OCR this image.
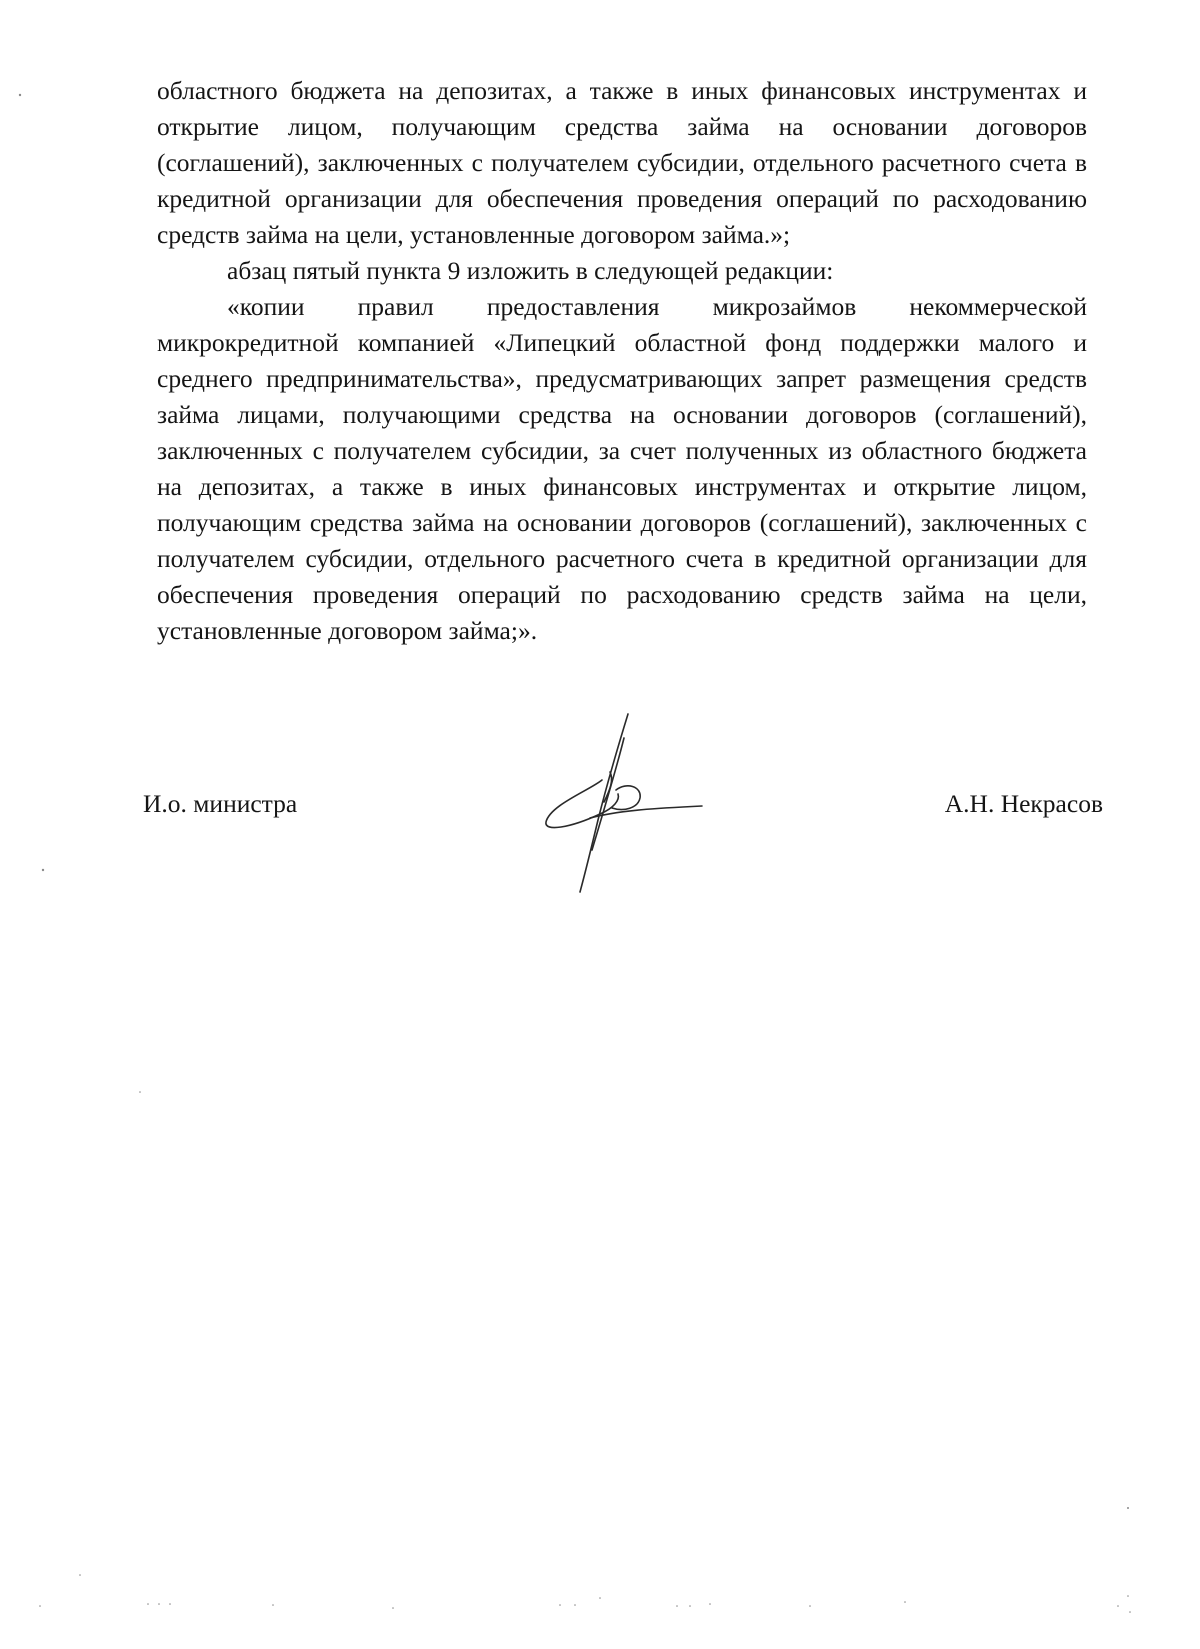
областного бюджета на депозитах, а также в иных финансовых инструментах и открытие лицом, получающим средства займа на основании договоров (соглашений), заключенных с получателем субсидии, отдельного расчетного счета в кредитной организации для обеспечения проведения операций по расходованию средств займа на цели, установленные договором займа.»;

абзац пятый пункта 9 изложить в следующей редакции:

«копии правил предоставления микрозаймов некоммерческой микрокредитной компанией «Липецкий областной фонд поддержки малого и среднего предпринимательства», предусматривающих запрет размещения средств займа лицами, получающими средства на основании договоров (соглашений), заключенных с получателем субсидии, за счет полученных из областного бюджета на депозитах, а также в иных финансовых инструментах и открытие лицом, получающим средства займа на основании договоров (соглашений), заключенных с получателем субсидии, отдельного расчетного счета в кредитной организации для обеспечения проведения операций по расходованию средств займа на цели, установленные договором займа;».

И.о. министра	А.Н. Некрасов
